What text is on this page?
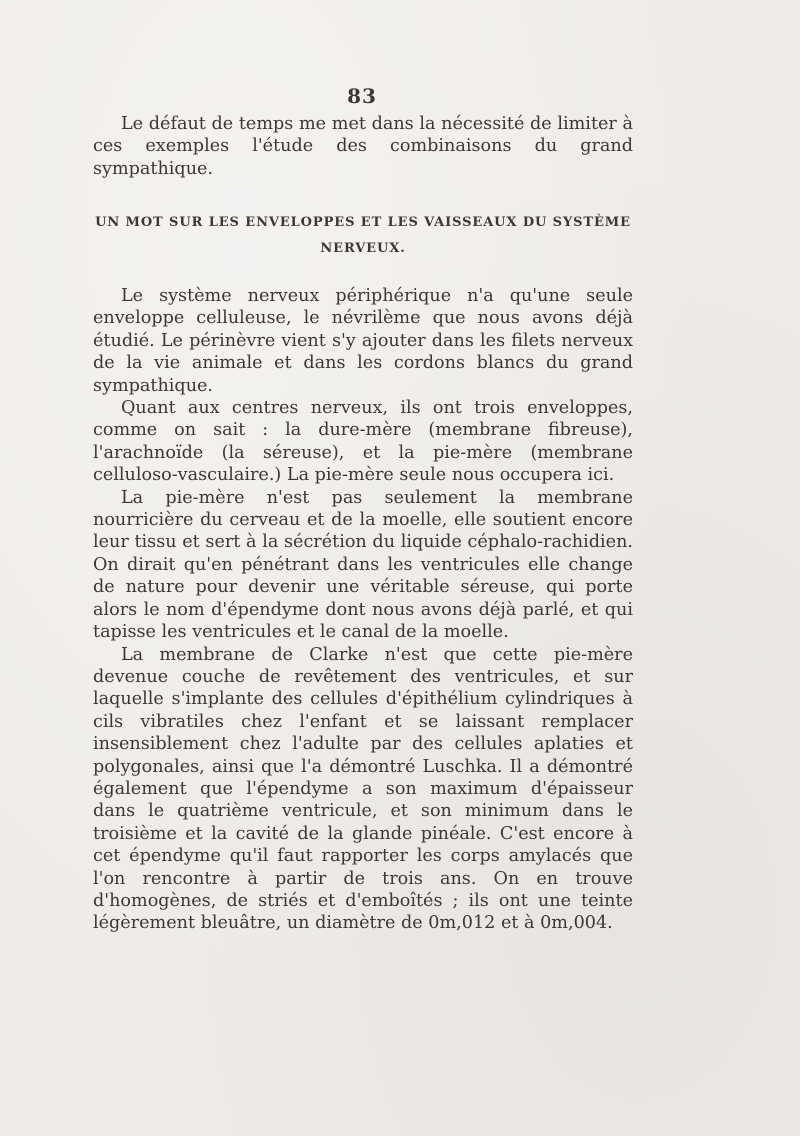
83

Le défaut de temps me met dans la nécessité de limiter à ces exemples l'étude des combinaisons du grand sympathique.

UN MOT SUR LES ENVELOPPES ET LES VAISSEAUX DU SYSTÈME NERVEUX.

Le système nerveux périphérique n'a qu'une seule enveloppe celluleuse, le névrilème que nous avons déjà étudié. Le périnèvre vient s'y ajouter dans les filets nerveux de la vie animale et dans les cordons blancs du grand sympathique.

Quant aux centres nerveux, ils ont trois enveloppes, comme on sait : la dure-mère (membrane fibreuse), l'arachnoïde (la séreuse), et la pie-mère (membrane celluloso-vasculaire.) La pie-mère seule nous occupera ici.

La pie-mère n'est pas seulement la membrane nourricière du cerveau et de la moelle, elle soutient encore leur tissu et sert à la sécrétion du liquide céphalo-rachidien. On dirait qu'en pénétrant dans les ventricules elle change de nature pour devenir une véritable séreuse, qui porte alors le nom d'épendyme dont nous avons déjà parlé, et qui tapisse les ventricules et le canal de la moelle.

La membrane de Clarke n'est que cette pie-mère devenue couche de revêtement des ventricules, et sur laquelle s'implante des cellules d'épithélium cylindriques à cils vibratiles chez l'enfant et se laissant remplacer insensiblement chez l'adulte par des cellules aplaties et polygonales, ainsi que l'a démontré Luschka. Il a démontré également que l'épendyme a son maximum d'épaisseur dans le quatrième ventricule, et son minimum dans le troisième et la cavité de la glande pinéale. C'est encore à cet épendyme qu'il faut rapporter les corps amylacés que l'on rencontre à partir de trois ans. On en trouve d'homogènes, de striés et d'emboîtés ; ils ont une teinte légèrement bleuâtre, un diamètre de 0m,012 et à 0m,004.
